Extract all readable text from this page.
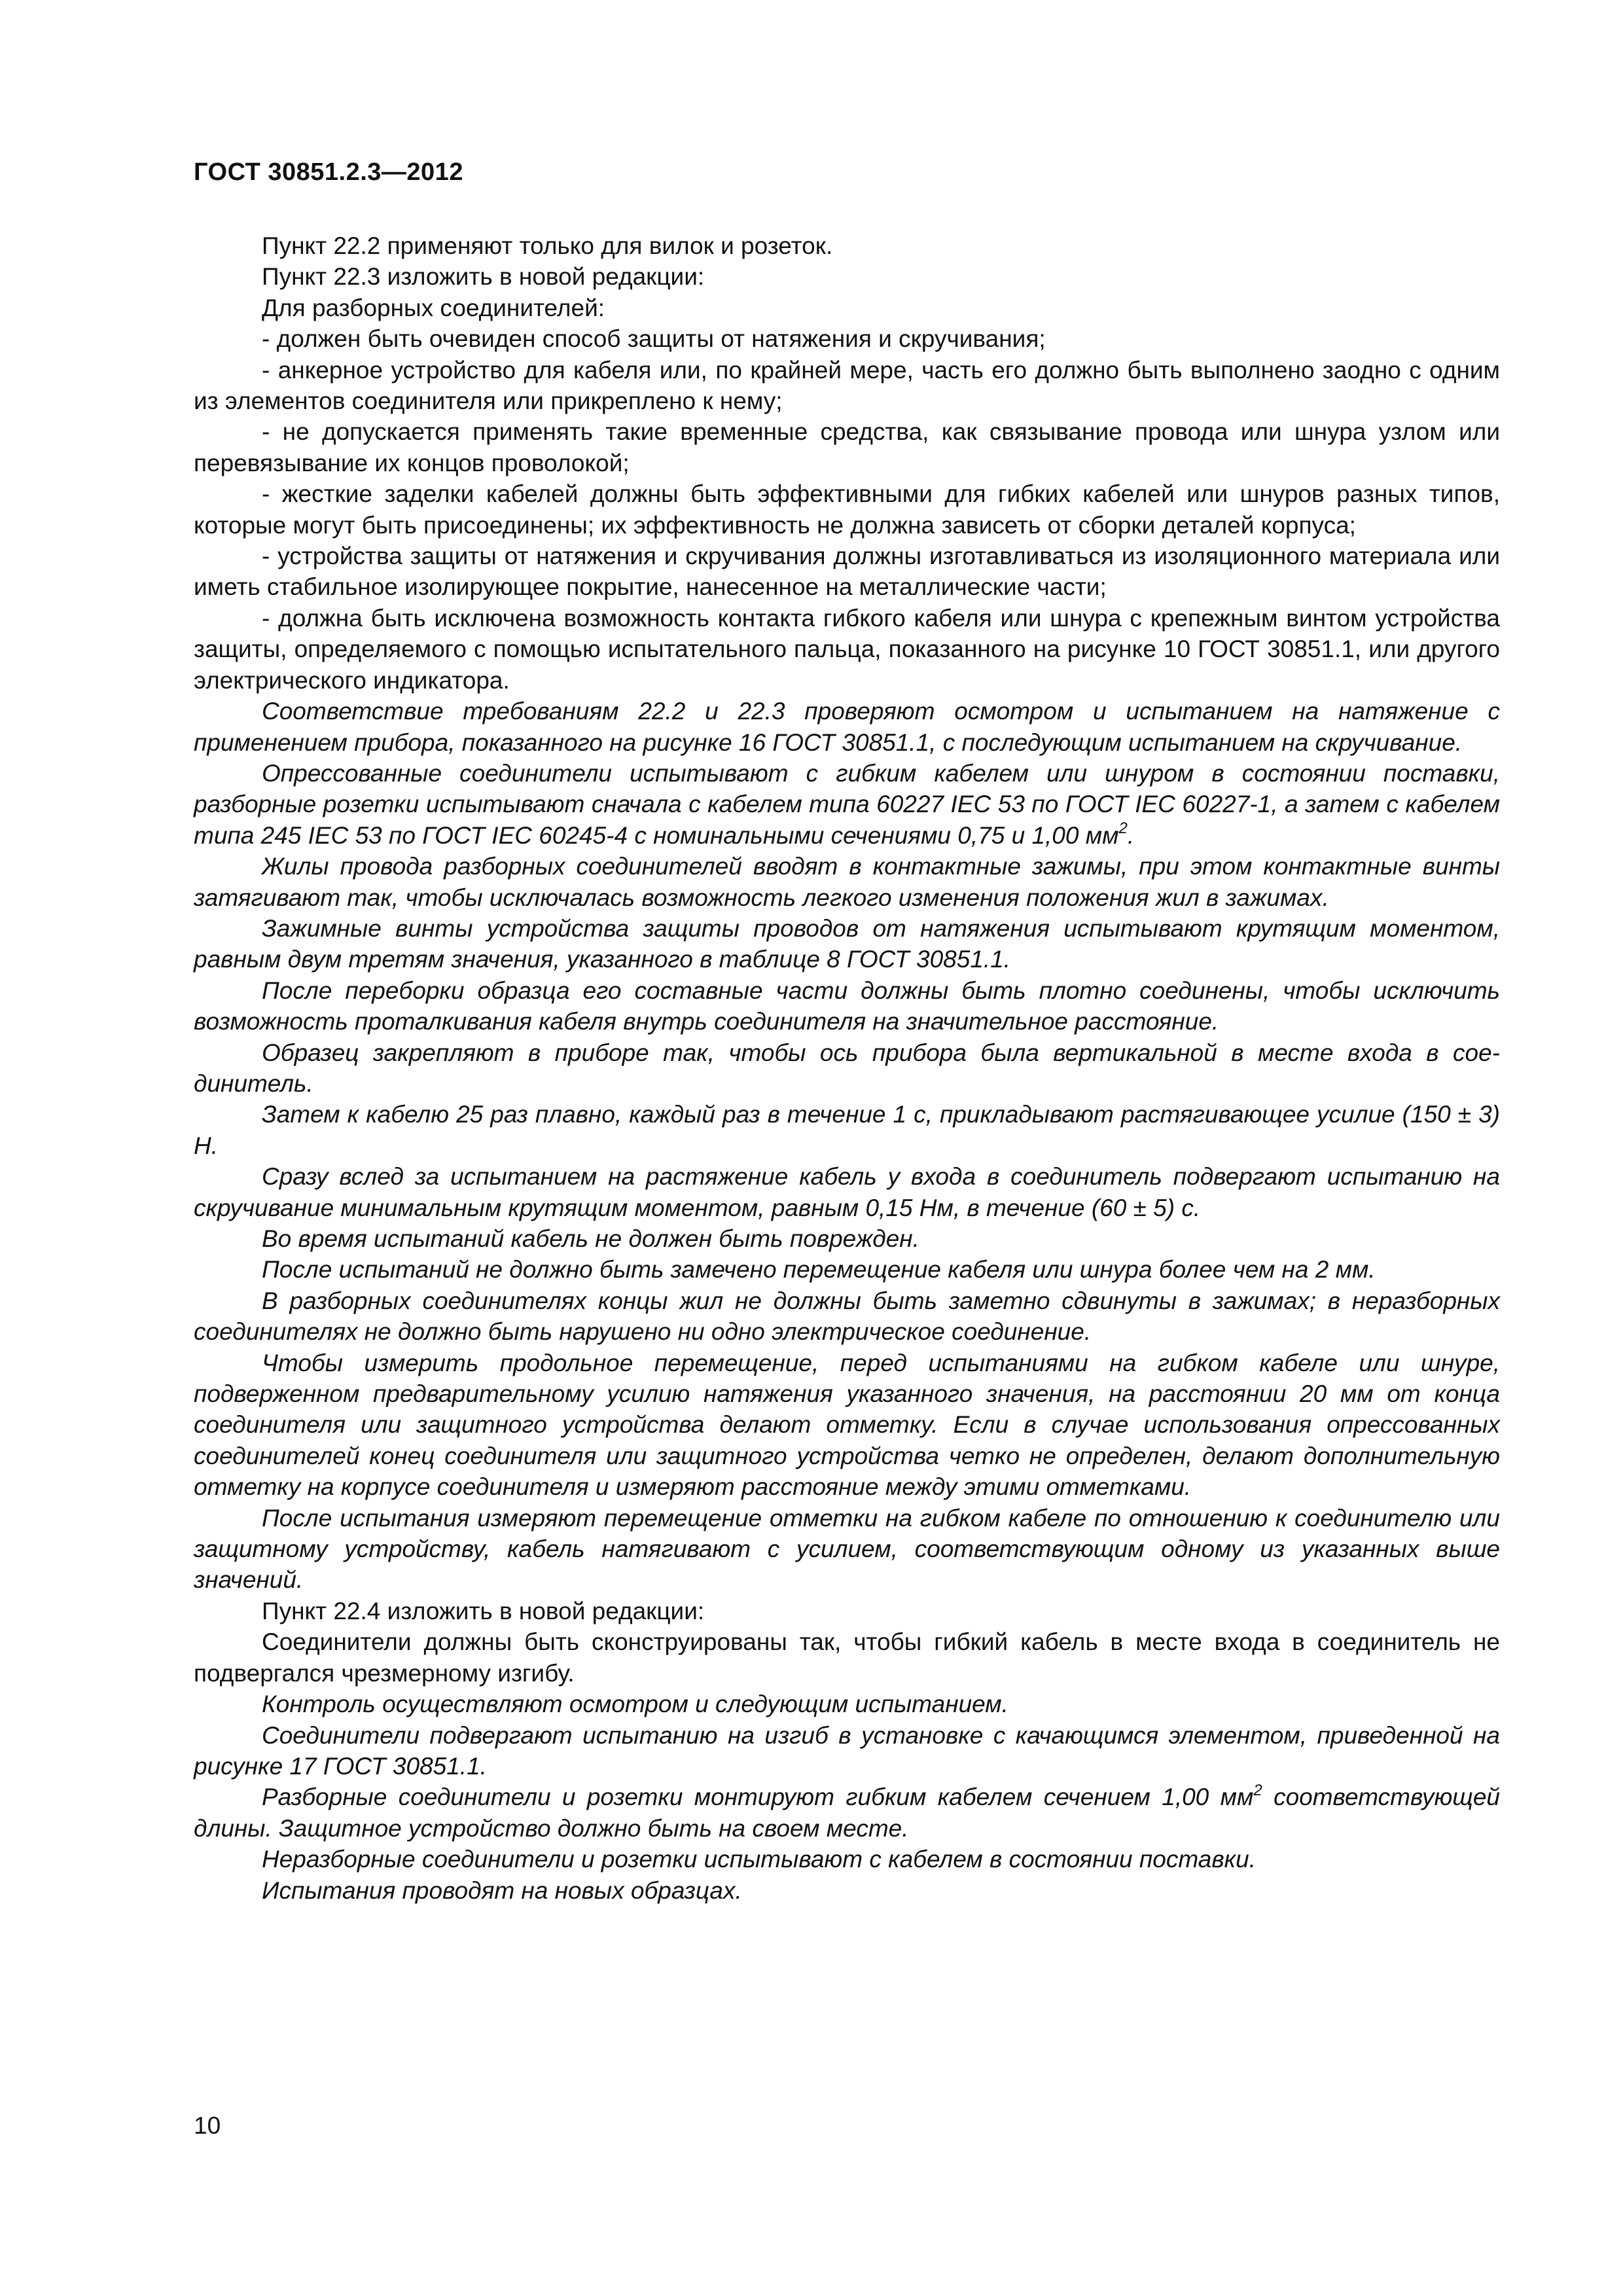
ГОСТ 30851.2.3—2012

Пункт 22.2 применяют только для вилок и розеток.

Пункт 22.3 изложить в новой редакции:

Для разборных соединителей:

- должен быть очевиден способ защиты от натяжения и скручивания;

- анкерное устройство для кабеля или, по крайней мере, часть его должно быть выполнено заодно с одним из элементов соединителя или прикреплено к нему;

- не допускается применять такие временные средства, как связывание провода или шнура узлом или перевязывание их концов проволокой;

- жесткие заделки кабелей должны быть эффективными для гибких кабелей или шнуров разных типов, которые могут быть присоединены; их эффективность не должна зависеть от сборки деталей корпуса;

- устройства защиты от натяжения и скручивания должны изготавливаться из изоляционного материала или иметь стабильное изолирующее покрытие, нанесенное на металлические части;

- должна быть исключена возможность контакта гибкого кабеля или шнура с крепежным винтом устройства защиты, определяемого с помощью испытательного пальца, показанного на рисунке 10 ГОСТ 30851.1, или другого электрического индикатора.

Соответствие требованиям 22.2 и 22.3 проверяют осмотром и испытанием на натяжение с применением прибора, показанного на рисунке 16 ГОСТ 30851.1, с последующим испытанием на скручивание.

Опрессованные соединители испытывают с гибким кабелем или шнуром в состоянии поставки, разборные розетки испытывают сначала с кабелем типа 60227 IEC 53 по ГОСТ IEC 60227-1, а затем с кабелем типа 245 IEC 53 по ГОСТ IEC 60245-4 с номинальными сечениями 0,75 и 1,00 $мм^2$.

Жилы провода разборных соединителей вводят в контактные зажимы, при этом контактные винты затягивают так, чтобы исключалась возможность легкого изменения положения жил в зажимах.

Зажимные винты устройства защиты проводов от натяжения испытывают крутящим моментом, равным двум третям значения, указанного в таблице 8 ГОСТ 30851.1.

После переборки образца его составные части должны быть плотно соединены, чтобы исключить возможность проталкивания кабеля внутрь соединителя на значительное расстояние.

Образец закрепляют в приборе так, чтобы ось прибора была вертикальной в месте входа в соединитель.

Затем к кабелю 25 раз плавно, каждый раз в течение 1 с, прикладывают растягивающее усилие (150 ± 3) Н.

Сразу вслед за испытанием на растяжение кабель у входа в соединитель подвергают испытанию на скручивание минимальным крутящим моментом, равным 0,15 Нм, в течение (60 ± 5) с.

Во время испытаний кабель не должен быть поврежден.

После испытаний не должно быть замечено перемещение кабеля или шнура более чем на 2 мм.

В разборных соединителях концы жил не должны быть заметно сдвинуты в зажимах; в неразборных соединителях не должно быть нарушено ни одно электрическое соединение.

Чтобы измерить продольное перемещение, перед испытаниями на гибком кабеле или шнуре, подверженном предварительному усилию натяжения указанного значения, на расстоянии 20 мм от конца соединителя или защитного устройства делают отметку. Если в случае использования опрессованных соединителей конец соединителя или защитного устройства четко не определен, делают дополнительную отметку на корпусе соединителя и измеряют расстояние между этими отметками.

После испытания измеряют перемещение отметки на гибком кабеле по отношению к соединителю или защитному устройству, кабель натягивают с усилием, соответствующим одному из указанных выше значений.

Пункт 22.4 изложить в новой редакции:

Соединители должны быть сконструированы так, чтобы гибкий кабель в месте входа в соединитель не подвергался чрезмерному изгибу.

Контроль осуществляют осмотром и следующим испытанием.

Соединители подвергают испытанию на изгиб в установке с качающимся элементом, приведенной на рисунке 17 ГОСТ 30851.1.

Разборные соединители и розетки монтируют гибким кабелем сечением 1,00 $мм^2$ соответствующей длины. Защитное устройство должно быть на своем месте.

Неразборные соединители и розетки испытывают с кабелем в состоянии поставки.

Испытания проводят на новых образцах.

10
